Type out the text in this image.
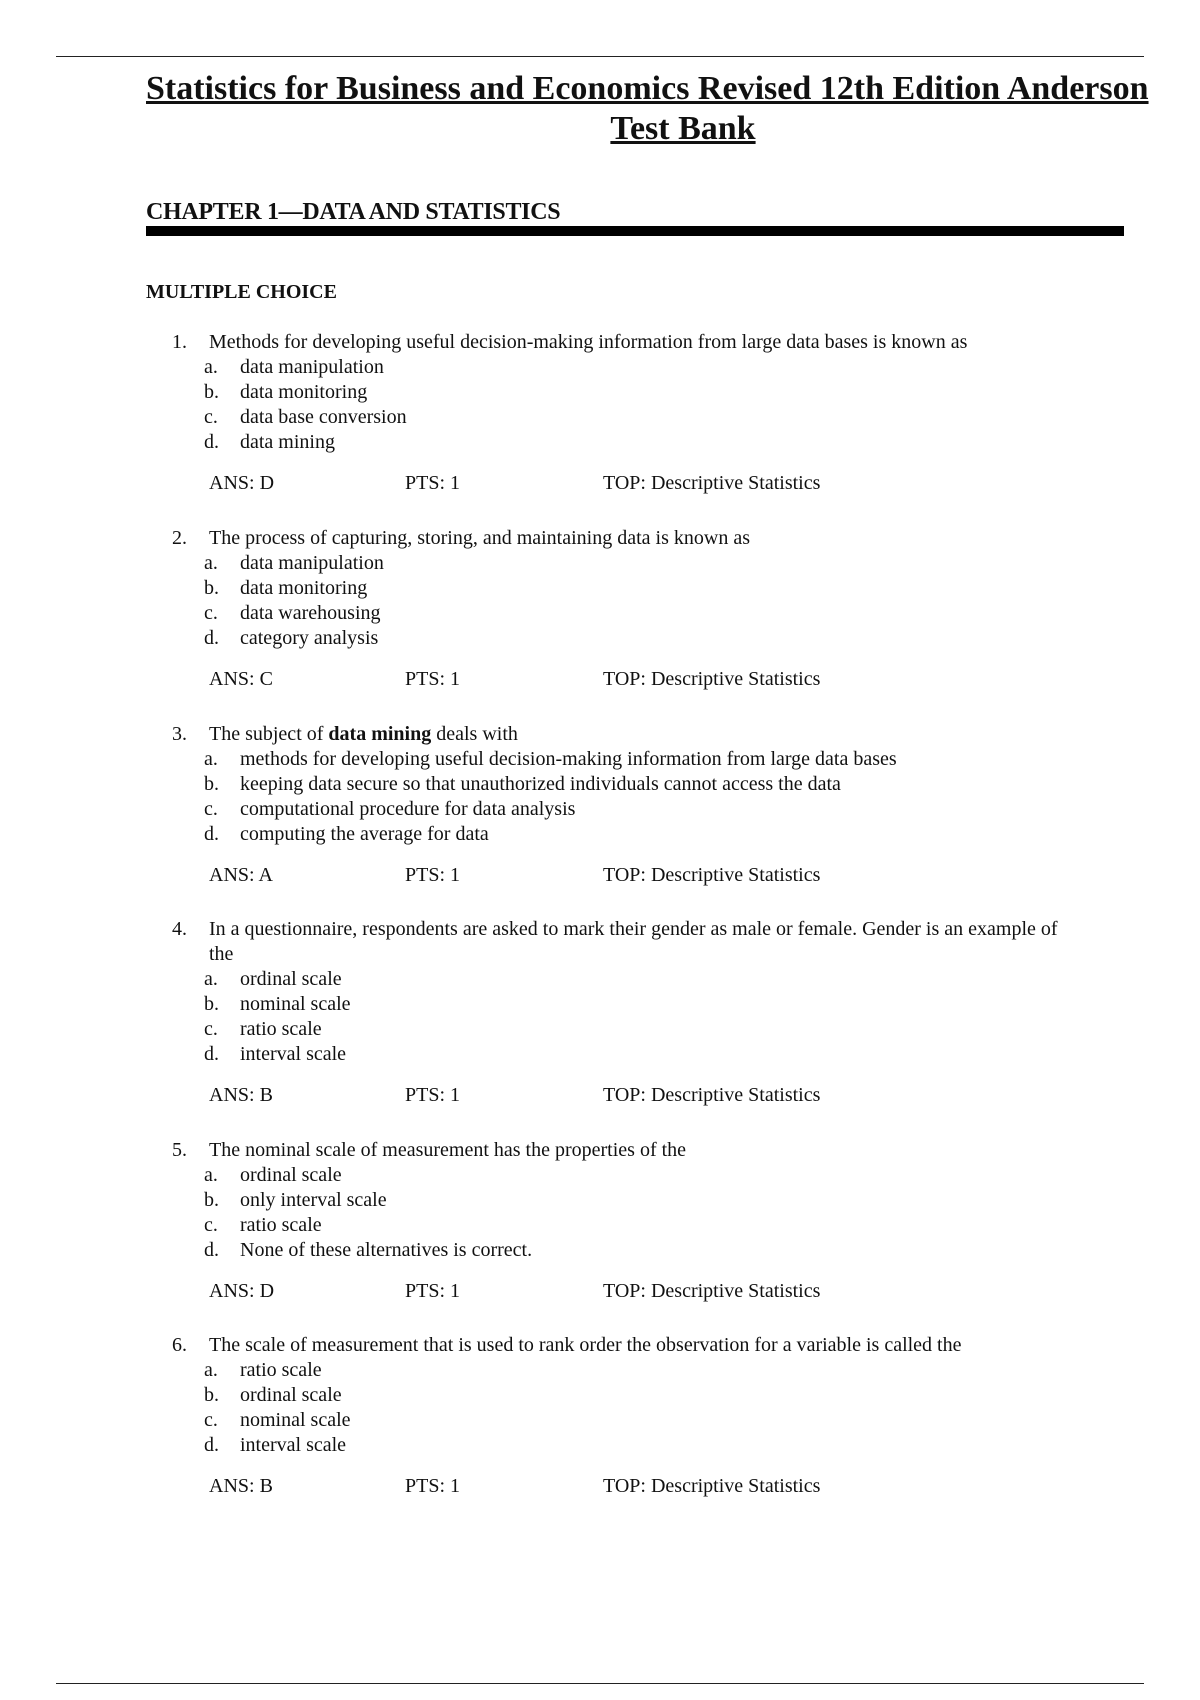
Statistics for Business and Economics Revised 12th Edition Anderson
Test Bank
CHAPTER 1—DATA AND STATISTICS
MULTIPLE CHOICE
1. Methods for developing useful decision-making information from large data bases is known as
a.	data manipulation
b.	data monitoring
c.	data base conversion
d.	data mining
ANS: D	PTS: 1	TOP: Descriptive Statistics
2. The process of capturing, storing, and maintaining data is known as
a.	data manipulation
b.	data monitoring
c.	data warehousing
d.	category analysis
ANS: C	PTS: 1	TOP: Descriptive Statistics
3. The subject of data mining deals with
a.	methods for developing useful decision-making information from large data bases
b.	keeping data secure so that unauthorized individuals cannot access the data
c.	computational procedure for data analysis
d.	computing the average for data
ANS: A	PTS: 1	TOP: Descriptive Statistics
4. In a questionnaire, respondents are asked to mark their gender as male or female. Gender is an example of the
a.	ordinal scale
b.	nominal scale
c.	ratio scale
d.	interval scale
ANS: B	PTS: 1	TOP: Descriptive Statistics
5. The nominal scale of measurement has the properties of the
a.	ordinal scale
b.	only interval scale
c.	ratio scale
d.	None of these alternatives is correct.
ANS: D	PTS: 1	TOP: Descriptive Statistics
6. The scale of measurement that is used to rank order the observation for a variable is called the
a.	ratio scale
b.	ordinal scale
c.	nominal scale
d.	interval scale
ANS: B	PTS: 1	TOP: Descriptive Statistics
